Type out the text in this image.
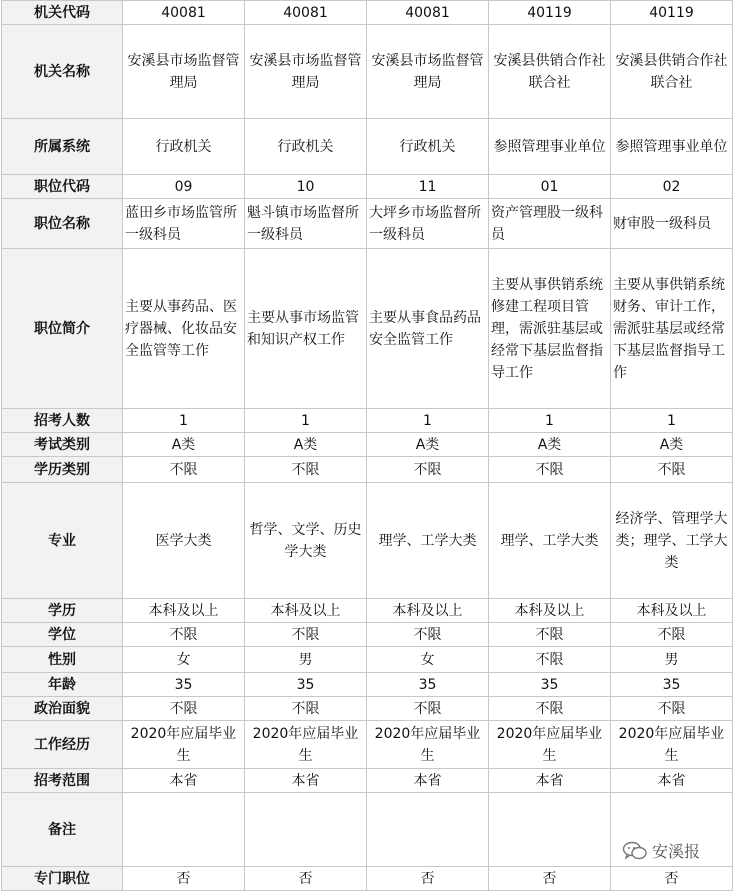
机关代码	40081	40081	40081	40119	40119
机关名称	安溪县市场监督管理局	安溪县市场监督管理局	安溪县市场监督管理局	安溪县供销合作社联合社	安溪县供销合作社联合社
所属系统	行政机关	行政机关	行政机关	参照管理事业单位	参照管理事业单位
职位代码	09	10	11	01	02
职位名称	蓝田乡市场监管所一级科员	魁斗镇市场监督所一级科员	大坪乡市场监督所一级科员	资产管理股一级科员	财审股一级科员
职位简介	主要从事药品、医疗器械、化妆品安全监管等工作	主要从事市场监管和知识产权工作	主要从事食品药品安全监管工作	主要从事供销系统修建工程项目管理，需派驻基层或经常下基层监督指导工作	主要从事供销系统财务、审计工作，需派驻基层或经常下基层监督指导工作
招考人数	1	1	1	1	1
考试类别	A类	A类	A类	A类	A类
学历类别	不限	不限	不限	不限	不限
专业	医学大类	哲学、文学、历史学大类	理学、工学大类	理学、工学大类	经济学、管理学大类；理学、工学大类
学历	本科及以上	本科及以上	本科及以上	本科及以上	本科及以上
学位	不限	不限	不限	不限	不限
性别	女	男	女	不限	男
年龄	35	35	35	35	35
政治面貌	不限	不限	不限	不限	不限
工作经历	2020年应届毕业生	2020年应届毕业生	2020年应届毕业生	2020年应届毕业生	2020年应届毕业生
招考范围	本省	本省	本省	本省	本省
备注					
专门职位	否	否	否	否	否
安溪报
